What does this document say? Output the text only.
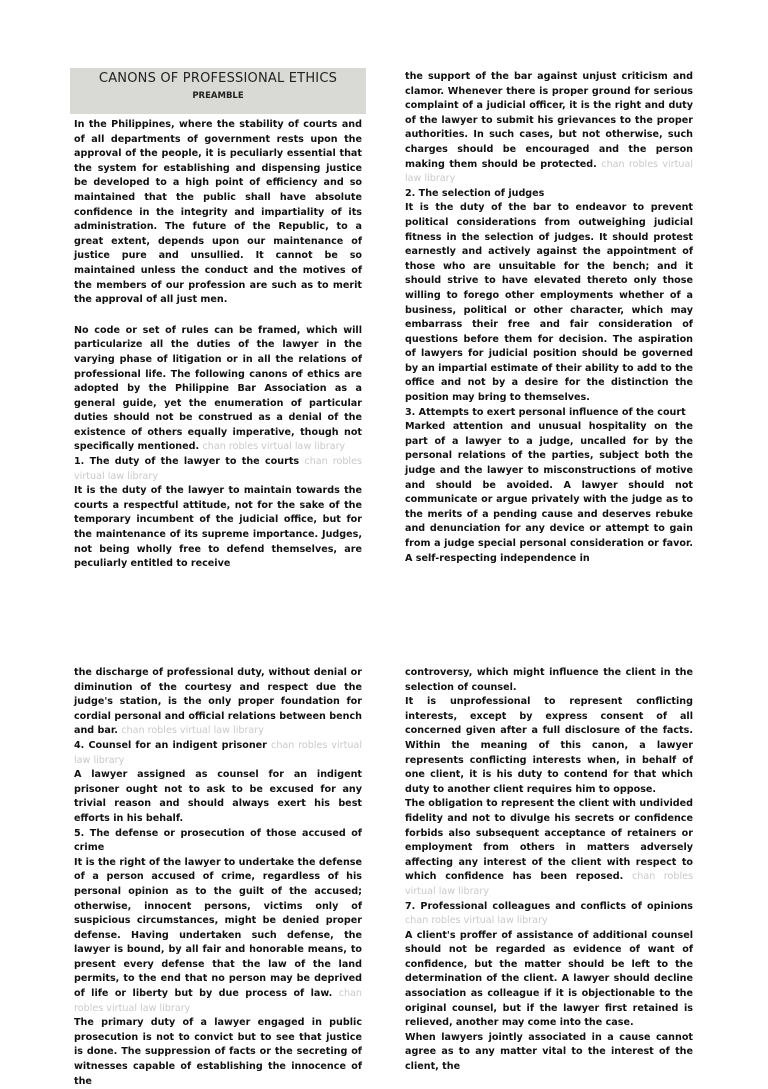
CANONS OF PROFESSIONAL ETHICS
PREAMBLE

In the Philippines, where the stability of courts and of all departments of government rests upon the approval of the people, it is peculiarly essential that the system for establishing and dispensing justice be developed to a high point of efficiency and so maintained that the public shall have absolute confidence in the integrity and impartiality of its administration. The future of the Republic, to a great extent, depends upon our maintenance of justice pure and unsullied. It cannot be so maintained unless the conduct and the motives of the members of our profession are such as to merit the approval of all just men.

No code or set of rules can be framed, which will particularize all the duties of the lawyer in the varying phase of litigation or in all the relations of professional life. The following canons of ethics are adopted by the Philippine Bar Association as a general guide, yet the enumeration of particular duties should not be construed as a denial of the existence of others equally imperative, though not specifically mentioned. chan robles virtual law library

1. The duty of the lawyer to the courts chan robles virtual law library

It is the duty of the lawyer to maintain towards the courts a respectful attitude, not for the sake of the temporary incumbent of the judicial office, but for the maintenance of its supreme importance. Judges, not being wholly free to defend themselves, are peculiarly entitled to receive

the support of the bar against unjust criticism and clamor. Whenever there is proper ground for serious complaint of a judicial officer, it is the right and duty of the lawyer to submit his grievances to the proper authorities. In such cases, but not otherwise, such charges should be encouraged and the person making them should be protected. chan robles virtual law library

2. The selection of judges

It is the duty of the bar to endeavor to prevent political considerations from outweighing judicial fitness in the selection of judges. It should protest earnestly and actively against the appointment of those who are unsuitable for the bench; and it should strive to have elevated thereto only those willing to forego other employments whether of a business, political or other character, which may embarrass their free and fair consideration of questions before them for decision. The aspiration of lawyers for judicial position should be governed by an impartial estimate of their ability to add to the office and not by a desire for the distinction the position may bring to themselves.

3. Attempts to exert personal influence of the court

Marked attention and unusual hospitality on the part of a lawyer to a judge, uncalled for by the personal relations of the parties, subject both the judge and the lawyer to misconstructions of motive and should be avoided. A lawyer should not communicate or argue privately with the judge as to the merits of a pending cause and deserves rebuke and denunciation for any device or attempt to gain from a judge special personal consideration or favor. A self-respecting independence in

the discharge of professional duty, without denial or diminution of the courtesy and respect due the judge's station, is the only proper foundation for cordial personal and official relations between bench and bar. chan robles virtual law library

4. Counsel for an indigent prisoner chan robles virtual law library

A lawyer assigned as counsel for an indigent prisoner ought not to ask to be excused for any trivial reason and should always exert his best efforts in his behalf.

5. The defense or prosecution of those accused of crime

It is the right of the lawyer to undertake the defense of a person accused of crime, regardless of his personal opinion as to the guilt of the accused; otherwise, innocent persons, victims only of suspicious circumstances, might be denied proper defense. Having undertaken such defense, the lawyer is bound, by all fair and honorable means, to present every defense that the law of the land permits, to the end that no person may be deprived of life or liberty but by due process of law. chan robles virtual law library

The primary duty of a lawyer engaged in public prosecution is not to convict but to see that justice is done. The suppression of facts or the secreting of witnesses capable of establishing the innocence of the

controversy, which might influence the client in the selection of counsel.

It is unprofessional to represent conflicting interests, except by express consent of all concerned given after a full disclosure of the facts. Within the meaning of this canon, a lawyer represents conflicting interests when, in behalf of one client, it is his duty to contend for that which duty to another client requires him to oppose.

The obligation to represent the client with undivided fidelity and not to divulge his secrets or confidence forbids also subsequent acceptance of retainers or employment from others in matters adversely affecting any interest of the client with respect to which confidence has been reposed. chan robles virtual law library

7. Professional colleagues and conflicts of opinions chan robles virtual law library

A client's proffer of assistance of additional counsel should not be regarded as evidence of want of confidence, but the matter should be left to the determination of the client. A lawyer should decline association as colleague if it is objectionable to the original counsel, but if the lawyer first retained is relieved, another may come into the case.

When lawyers jointly associated in a cause cannot agree as to any matter vital to the interest of the client, the
